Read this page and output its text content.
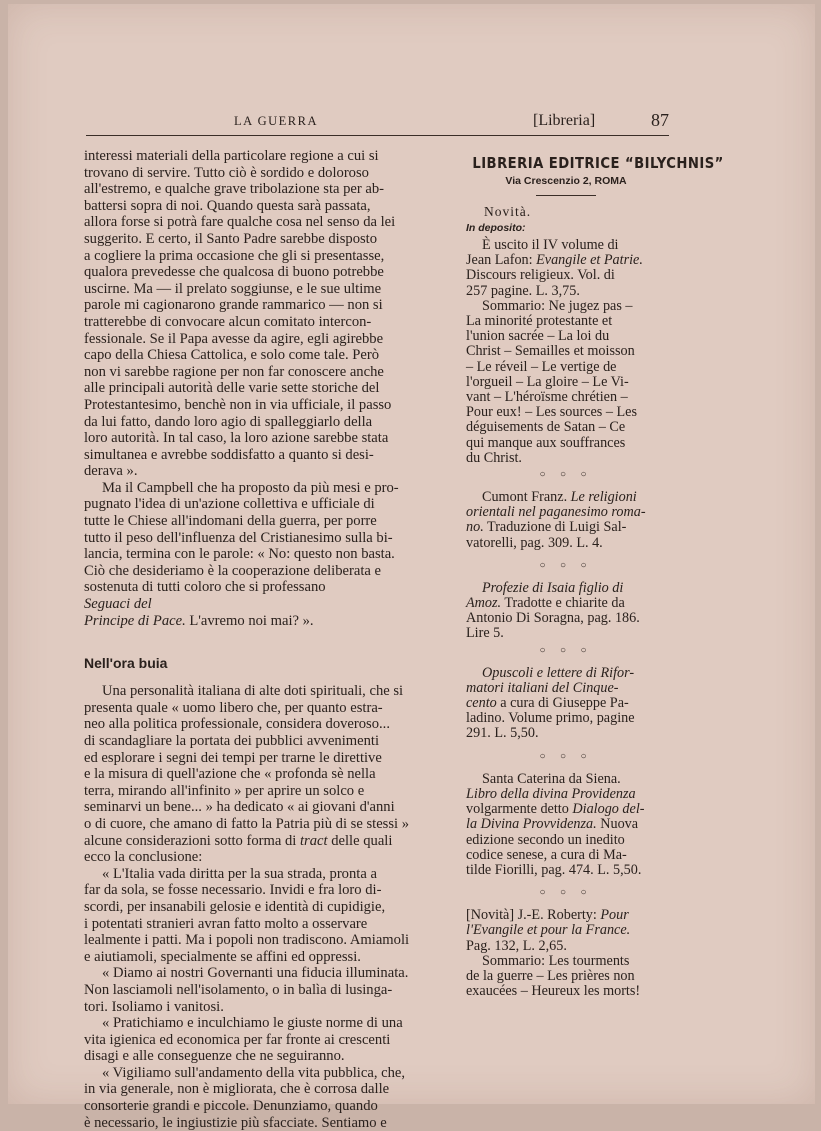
LA GUERRA	[Libreria]	87

interessi materiali della particolare regione a cui si
trovano di servire. Tutto ciò è sordido e doloroso
all'estremo, e qualche grave tribolazione sta per ab-
battersi sopra di noi. Quando questa sarà passata,
allora forse si potrà fare qualche cosa nel senso da lei
suggerito. E certo, il Santo Padre sarebbe disposto
a cogliere la prima occasione che gli si presentasse,
qualora prevedesse che qualcosa di buono potrebbe
uscirne. Ma — il prelato soggiunse, e le sue ultime
parole mi cagionarono grande rammarico — non si
tratterebbe di convocare alcun comitato intercon-
fessionale. Se il Papa avesse da agire, egli agirebbe
capo della Chiesa Cattolica, e solo come tale. Però
non vi sarebbe ragione per non far conoscere anche
alle principali autorità delle varie sette storiche del
Protestantesimo, benchè non in via ufficiale, il passo
da lui fatto, dando loro agio di spalleggiarlo della
loro autorità. In tal caso, la loro azione sarebbe stata
simultanea e avrebbe soddisfatto a quanto si desi-
derava ».

Ma il Campbell che ha proposto da più mesi e pro-
pugnato l'idea di un'azione collettiva e ufficiale di
tutte le Chiese all'indomani della guerra, per porre
tutto il peso dell'influenza del Cristianesimo sulla bi-
lancia, termina con le parole: « No: questo non basta.
Ciò che desideriamo è la cooperazione deliberata e
sostenuta di tutti coloro che si professano
Seguaci del
Principe di Pace. L'avremo noi mai? ».

Nell'ora buia

Una personalità italiana di alte doti spirituali, che si
presenta quale « uomo libero che, per quanto estra-
neo alla politica professionale, considera doveroso...
di scandagliare la portata dei pubblici avvenimenti
ed esplorare i segni dei tempi per trarne le direttive
e la misura di quell'azione che « profonda sè nella
terra, mirando all'infinito » per aprire un solco e
seminarvi un bene... » ha dedicato « ai giovani d'anni
o di cuore, che amano di fatto la Patria più di se stessi »
alcune considerazioni sotto forma di tract delle quali
ecco la conclusione:

« L'Italia vada diritta per la sua strada, pronta a
far da sola, se fosse necessario. Invidi e fra loro di-
scordi, per insanabili gelosie e identità di cupidigie,
i potentati stranieri avran fatto molto a osservare
lealmente i patti. Ma i popoli non tradiscono. Amiamoli
e aiutiamoli, specialmente se affini ed oppressi.

« Diamo ai nostri Governanti una fiducia illuminata.
Non lasciamoli nell'isolamento, o in balìa di lusinga-
tori. Isoliamo i vanitosi.

« Pratichiamo e inculchiamo le giuste norme di una
vita igienica ed economica per far fronte ai crescenti
disagi e alle conseguenze che ne seguiranno.

« Vigiliamo sull'andamento della vita pubblica, che,
in via generale, non è migliorata, che è corrosa dalle
consorterie grandi e piccole. Denunziamo, quando
è necessario, le ingiustizie più sfacciate. Sentiamo e

LIBRERIA EDITRICE “BILYCHNIS”
Via Crescenzio 2, ROMA
Novità.
In deposito:

È uscito il IV volume di
Jean Lafon: Evangile et Patrie.
Discours religieux. Vol. di
257 pagine. L. 3,75.

Sommario: Ne jugez pas –
La minorité protestante et
l'union sacrée – La loi du
Christ – Semailles et moisson
– Le réveil – Le vertige de
l'orgueil – La gloire – Le Vi-
vant – L'héroïsme chrétien –
Pour eux! – Les sources – Les
déguisements de Satan – Ce
qui manque aux souffrances
du Christ.

○ ○ ○

Cumont Franz. Le religioni
orientali nel paganesimo roma-
no. Traduzione di Luigi Sal-
vatorelli, pag. 309. L. 4.

○ ○ ○

Profezie di Isaia figlio di
Amoz. Tradotte e chiarite da
Antonio Di Soragna, pag. 186.
Lire 5.

○ ○ ○

Opuscoli e lettere di Rifor-
matori italiani del Cinque-
cento a cura di Giuseppe Pa-
ladino. Volume primo, pagine
291. L. 5,50.

○ ○ ○

Santa Caterina da Siena.
Libro della divina Providenza
volgarmente detto Dialogo del-
la Divina Provvidenza. Nuova
edizione secondo un inedito
codice senese, a cura di Ma-
tilde Fiorilli, pag. 474. L. 5,50.

○ ○ ○

[Novità] J.-E. Roberty: Pour
l'Evangile et pour la France.
Pag. 132, L. 2,65.

Sommario: Les tourments
de la guerre – Les prières non
exaucées – Heureux les morts!
